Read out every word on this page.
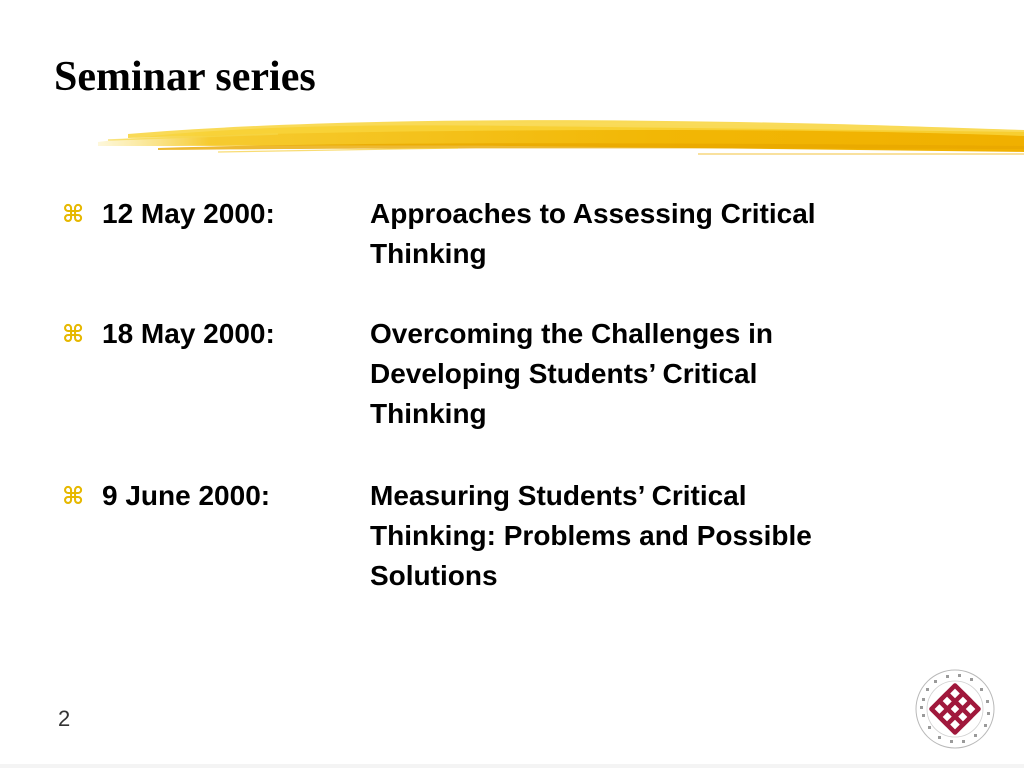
Seminar series
⌘ 12 May 2000:	Approaches to Assessing Critical
Thinking
⌘ 18 May 2000:	Overcoming the Challenges in
Developing Students’ Critical
Thinking
⌘ 9 June 2000:	Measuring Students’ Critical
Thinking: Problems and Possible
Solutions
2
